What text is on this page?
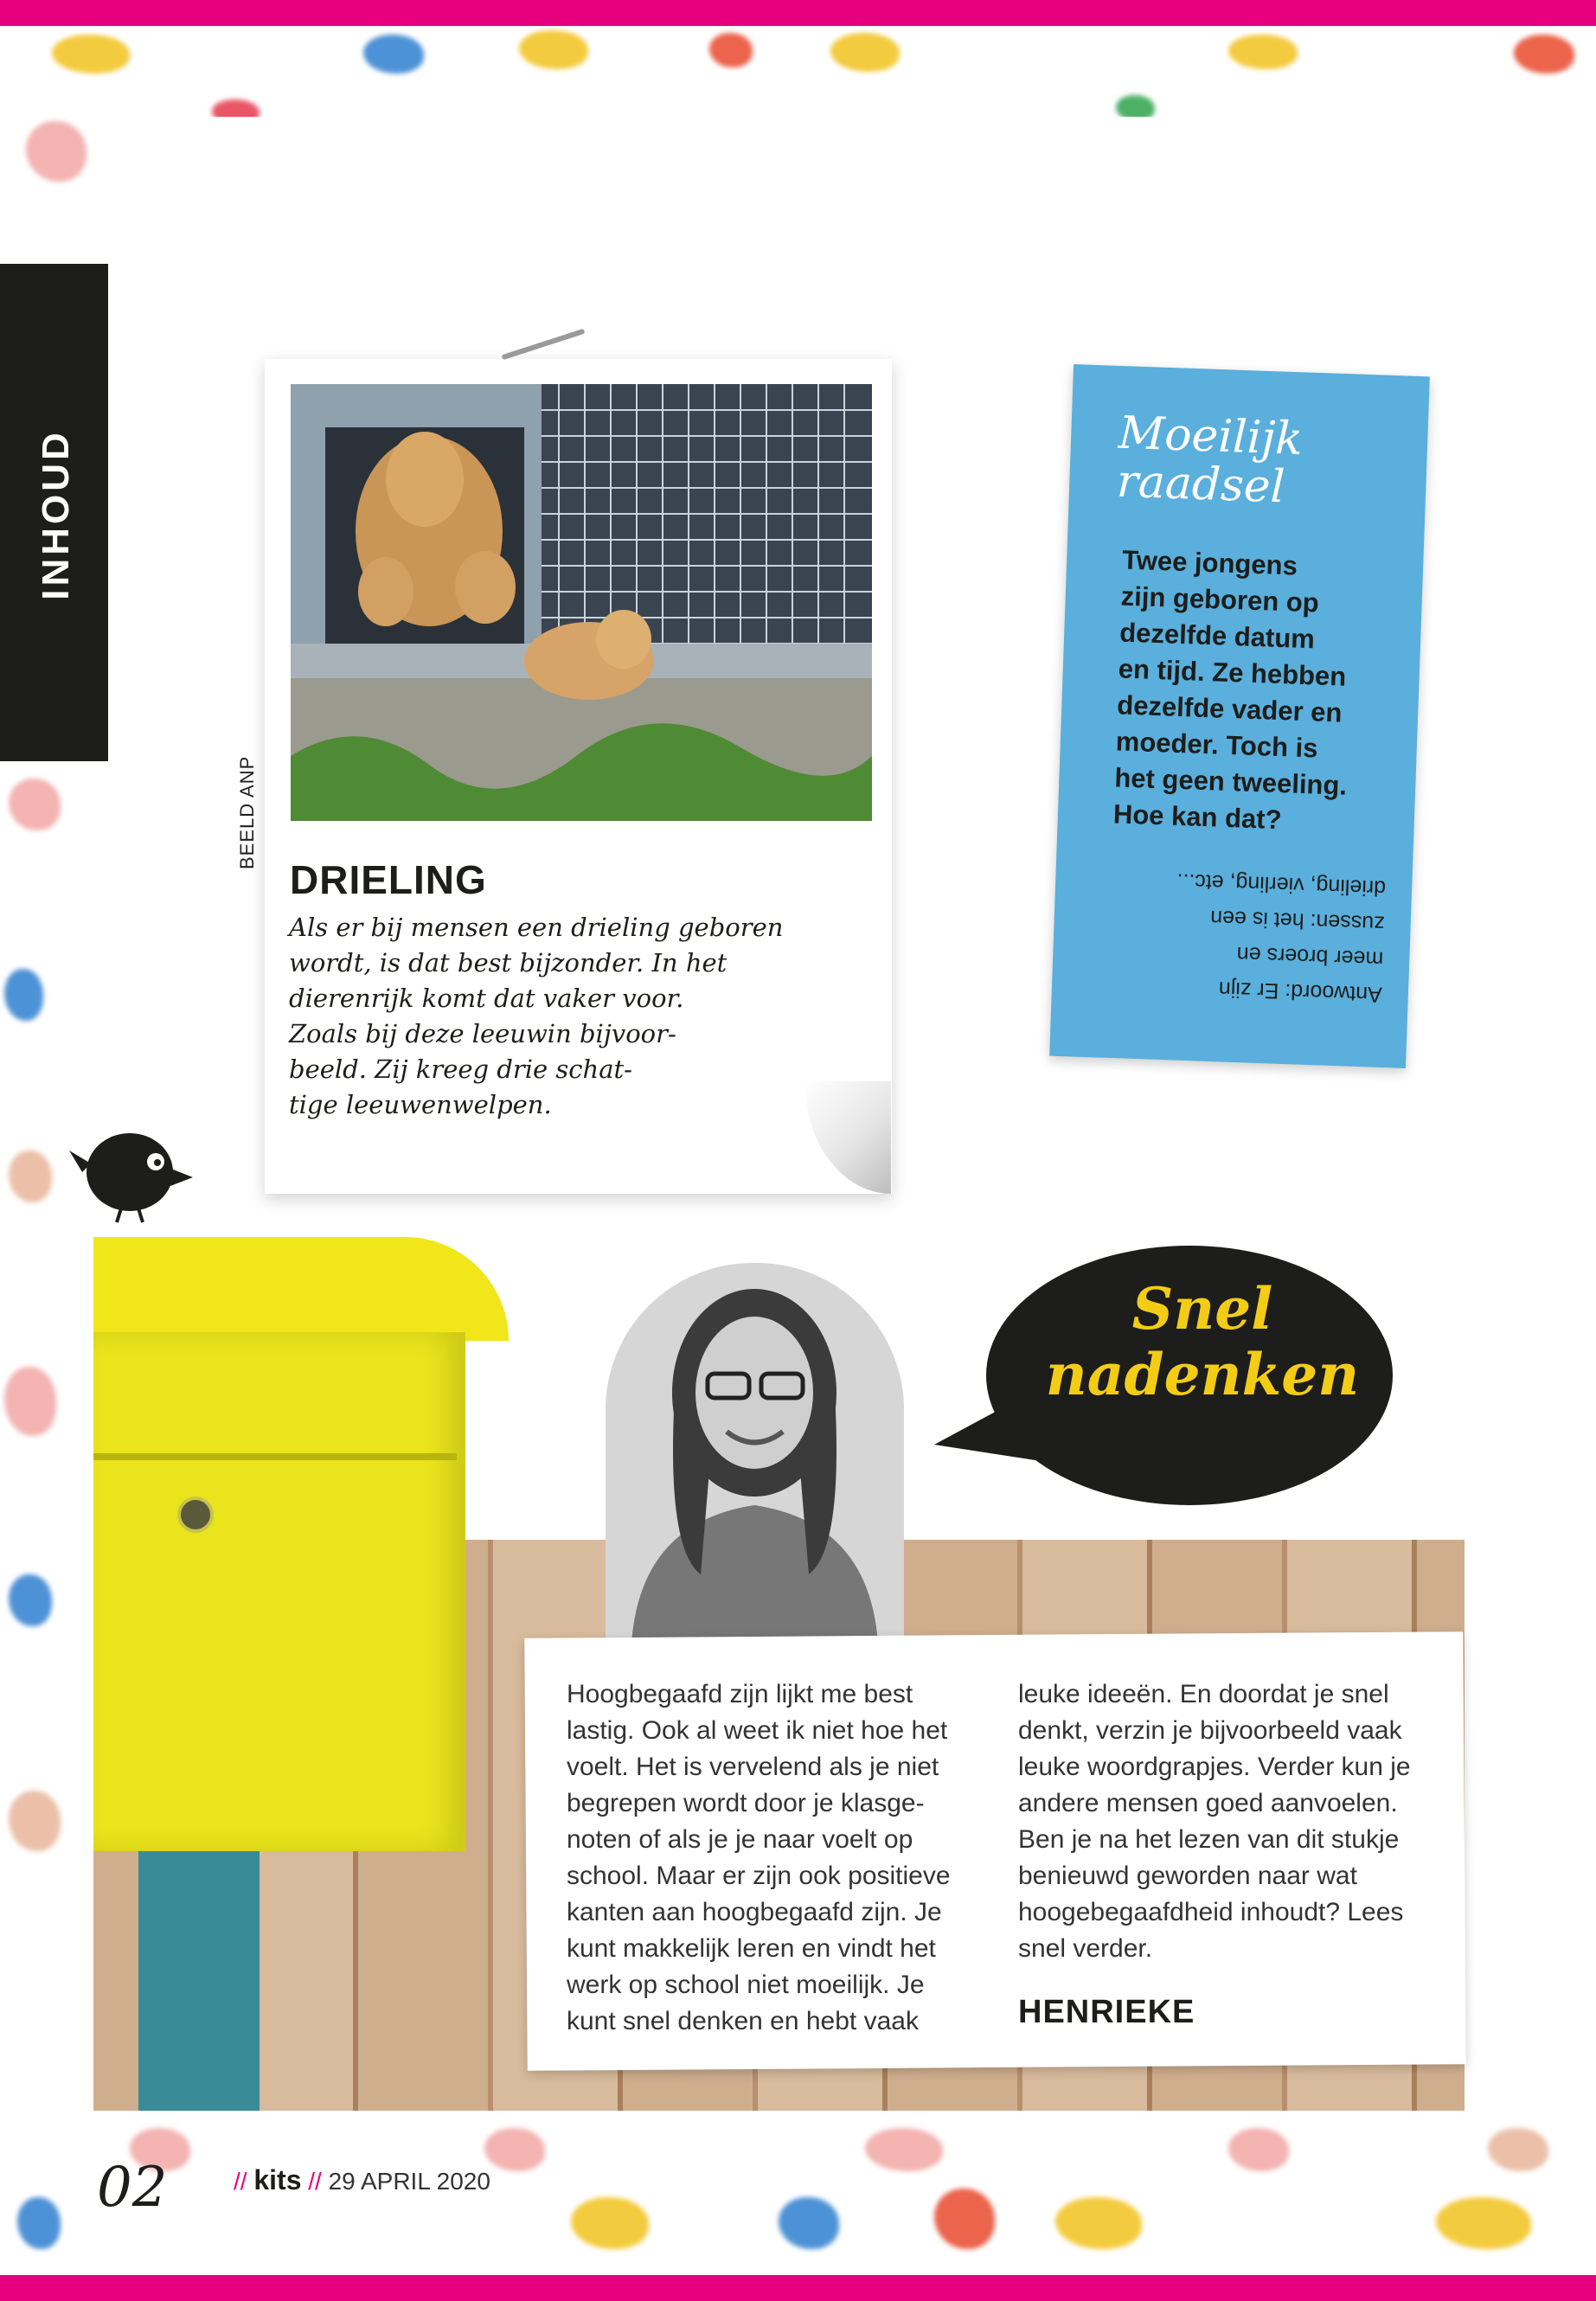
INHOUD
BEELD ANP
DRIELING
Als er bij mensen een drieling geboren
wordt, is dat best bijzonder. In het
dierenrijk komt dat vaker voor.
Zoals bij deze leeuwin bijvoor-
beeld. Zij kreeg drie schat-
tige leeuwenwelpen.
Moeilijk
raadsel
Twee jongens
zijn geboren op
dezelfde datum
en tijd. Ze hebben
dezelfde vader en
moeder. Toch is
het geen tweeling.
Hoe kan dat?
Antwoord: Er zijn
meer broers en
zussen: het is een
drieling, vierling, etc...
Snel
nadenken
Hoogbegaafd zijn lijkt me best
lastig. Ook al weet ik niet hoe het
voelt. Het is vervelend als je niet
begrepen wordt door je klasge-
noten of als je je naar voelt op
school. Maar er zijn ook positieve
kanten aan hoogbegaafd zijn. Je
kunt makkelijk leren en vindt het
werk op school niet moeilijk. Je
kunt snel denken en hebt vaak
leuke ideeën. En doordat je snel
denkt, verzin je bijvoorbeeld vaak
leuke woordgrapjes. Verder kun je
andere mensen goed aanvoelen.
Ben je na het lezen van dit stukje
benieuwd geworden naar wat
hoogebegaafdheid inhoudt? Lees
snel verder.
HENRIEKE
02	// kits // 29 APRIL 2020
